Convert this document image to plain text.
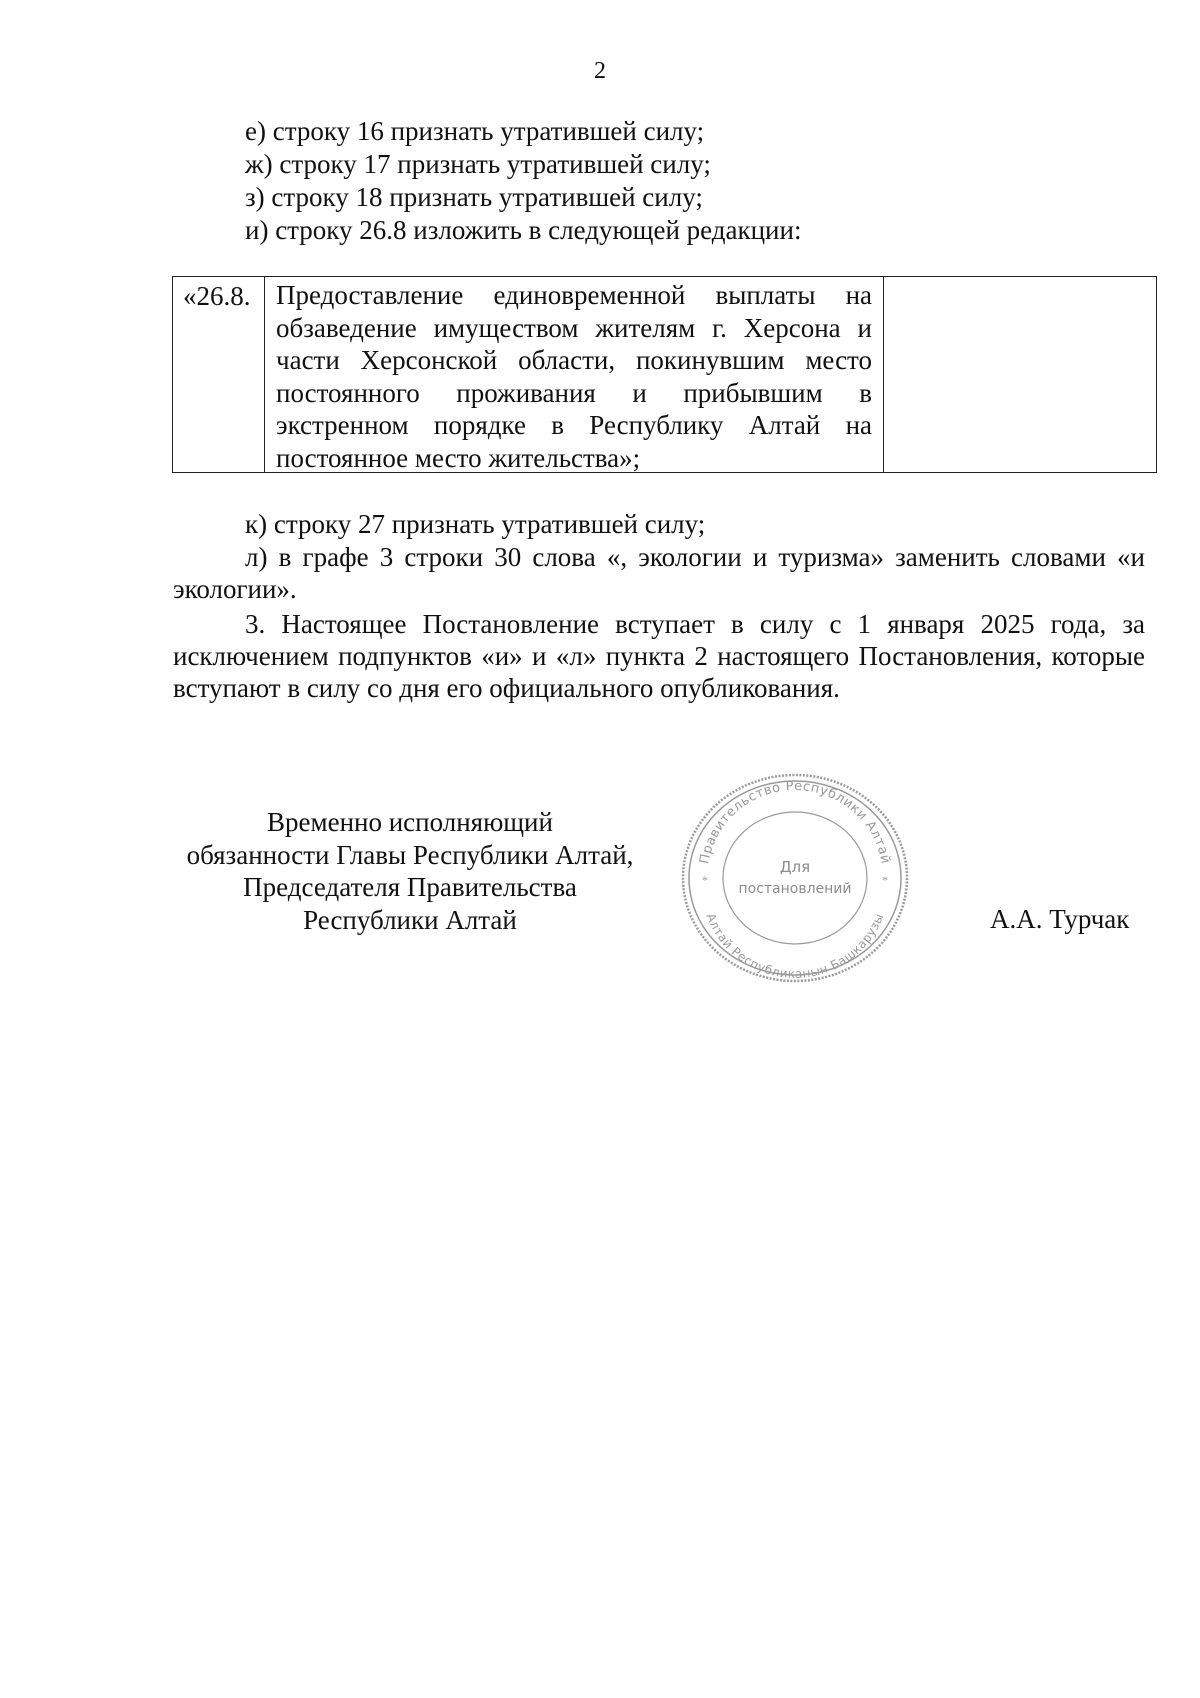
2
е) строку 16 признать утратившей силу;
ж) строку 17 признать утратившей силу;
з) строку 18 признать утратившей силу;
и) строку 26.8 изложить в следующей редакции:
«26.8. Предоставление единовременной выплаты на обзаведение имуществом жителям г. Херсона и части Херсонской области, покинувшим место постоянного проживания и прибывшим в экстренном порядке в Республику Алтай на постоянное место жительства»;
к) строку 27 признать утратившей силу;
л) в графе 3 строки 30 слова «, экологии и туризма» заменить словами «и экологии».
3. Настоящее Постановление вступает в силу с 1 января 2025 года, за исключением подпунктов «и» и «л» пункта 2 настоящего Постановления, которые вступают в силу со дня его официального опубликования.
Временно исполняющий
обязанности Главы Республики Алтай,
Председателя Правительства
Республики Алтай	А.А. Турчак
Правительство Республики Алтай
Алтай Республиканын Башкарузы
*	*
Для
постановлений
